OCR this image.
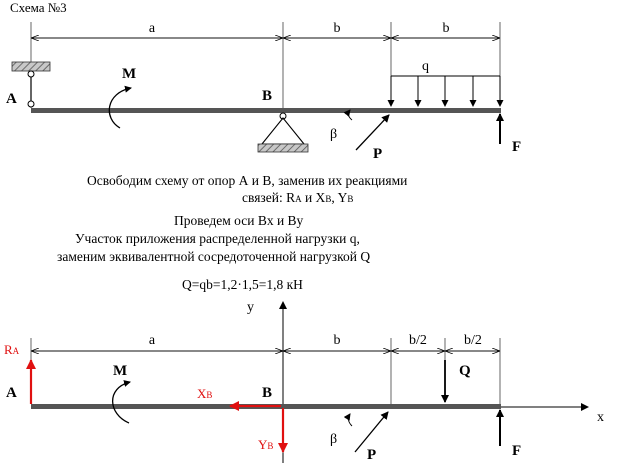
Схема №3
a	b	b
A
M
B
q
β
P	F
Освободим схему от опор А и В, заменив их реакциями
связей: RA и XB, YB
Проведем оси Bx и By
Участок приложения распределенной нагрузки q,
заменим эквивалентной сосредоточенной нагрузкой Q
Q=qb=1,2·1,5=1,8 кН
y
x
a	b	b/2	b/2
RA
A
M
XB	B
YB
Q
β
P	F
